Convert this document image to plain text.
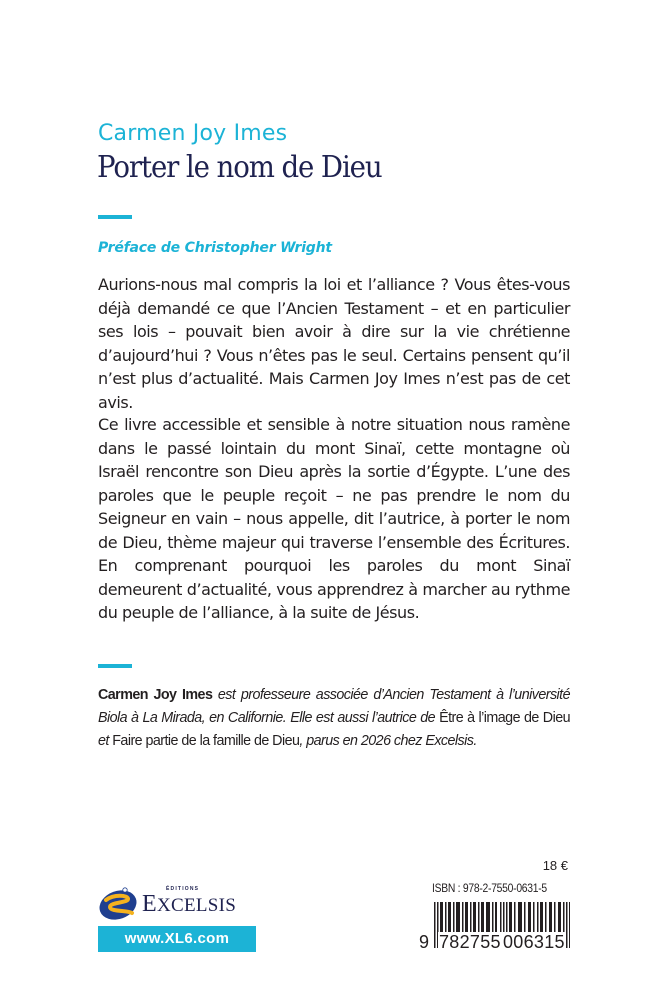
Carmen Joy Imes
Porter le nom de Dieu
Préface de Christopher Wright

Aurions-nous mal compris la loi et l’alliance ? Vous êtes-vous déjà demandé ce que l’Ancien Testament – et en particulier ses lois – pouvait bien avoir à dire sur la vie chrétienne d’aujourd’hui ? Vous n’êtes pas le seul. Certains pensent qu’il n’est plus d’actualité. Mais Carmen Joy Imes n’est pas de cet avis.

Ce livre accessible et sensible à notre situation nous ramène dans le passé lointain du mont Sinaï, cette montagne où Israël rencontre son Dieu après la sortie d’Égypte. L’une des paroles que le peuple reçoit – ne pas prendre le nom du Seigneur en vain – nous appelle, dit l’autrice, à porter le nom de Dieu, thème majeur qui traverse l’ensemble des Écritures. En comprenant pourquoi les paroles du mont Sinaï demeurent d’actualité, vous apprendrez à marcher au rythme du peuple de l’alliance, à la suite de Jésus.

Carmen Joy Imes est professeure associée d’Ancien Testament à l’université Biola à La Mirada, en Californie. Elle est aussi l’autrice de Être à l’image de Dieu et Faire partie de la famille de Dieu, parus en 2026 chez Excelsis.

ÉDITIONS
EXCELSIS
www.XL6.com
18 €
ISBN : 978-2-7550-0631-5
9 782755 006315
